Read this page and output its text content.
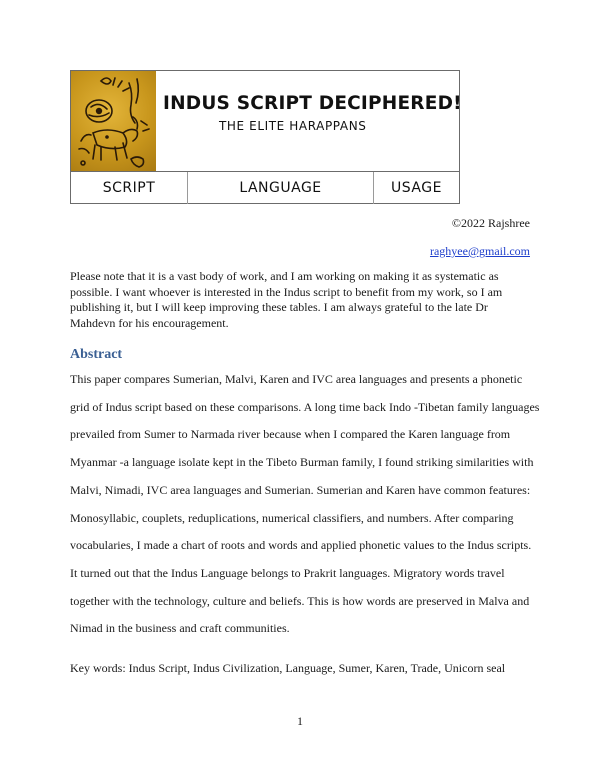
INDUS SCRIPT DECIPHERED!
THE ELITE HARAPPANS
SCRIPT	LANGUAGE	USAGE
©2022 Rajshree
raghyee@gmail.com
Please note that it is a vast body of work, and I am working on making it as systematic as possible. I want whoever is interested in the Indus script to benefit from my work, so I am publishing it, but I will keep improving these tables. I am always grateful to the late Dr Mahdevn for his encouragement.
Abstract
This paper compares Sumerian, Malvi, Karen and IVC area languages and presents a phonetic grid of Indus script based on these comparisons. A long time back Indo -Tibetan family languages prevailed from Sumer to Narmada river because when I compared the Karen language from Myanmar -a language isolate kept in the Tibeto Burman family, I found striking similarities with Malvi, Nimadi, IVC area languages and Sumerian. Sumerian and Karen have common features: Monosyllabic, couplets, reduplications, numerical classifiers, and numbers. After comparing vocabularies, I made a chart of roots and words and applied phonetic values to the Indus scripts. It turned out that the Indus Language belongs to Prakrit languages. Migratory words travel together with the technology, culture and beliefs. This is how words are preserved in Malva and Nimad in the business and craft communities.
Key words: Indus Script, Indus Civilization, Language, Sumer, Karen, Trade, Unicorn seal
1
